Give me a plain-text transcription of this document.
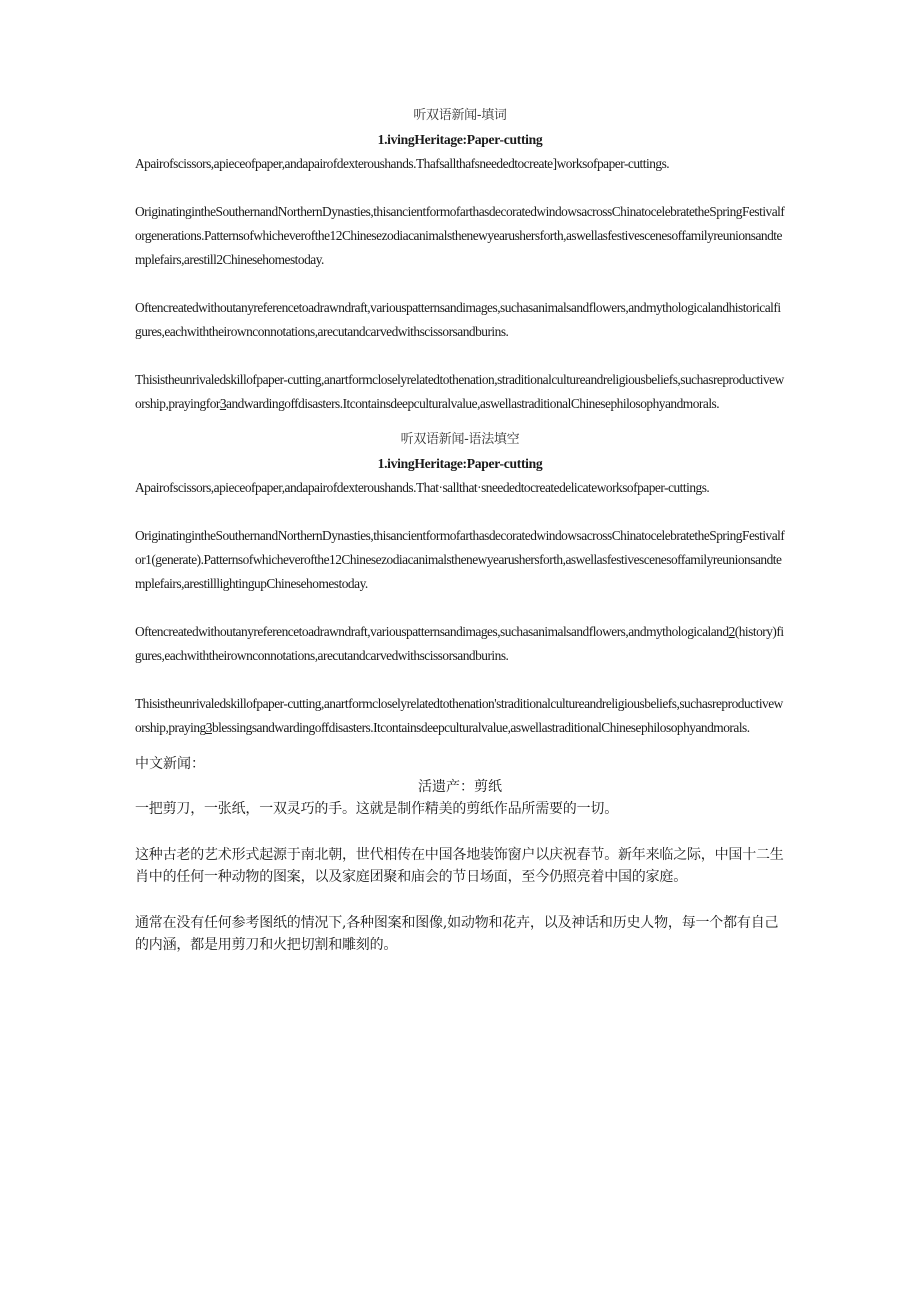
听双语新闻-填词

1.ivingHeritage:Paper-cutting

Apairofscissors,apieceofpaper,andapairofdexteroushands.Thafsallthafsneededtocreate]worksofpaper-cuttings.

OriginatingintheSouthernandNorthernDynasties,thisancientformofarthasdecoratedwindowsacrossChinatocelebratetheSpringFestivalforgenerations.Patternsofwhicheverofthe12Chinesezodiacanimalsthenewyearushersforth,aswellasfestivescenesoffamilyreunionsandtemplefairs,arestill2Chinesehomestoday.

Oftencreatedwithoutanyreferencetoadrawndraft,variouspatternsandimages,suchasanimalsandflowers,andmythologicalandhistoricalfigures,eachwiththeirownconnotations,arecutandcarvedwithscissorsandburins.

Thisistheunrivaledskillofpaper-cutting,anartformcloselyrelatedtothenation,straditionalcultureandreligiousbeliefs,suchasreproductiveworship,prayingfor3andwardingoffdisasters.Itcontainsdeepculturalvalue,aswellastraditionalChinesephilosophyandmorals.

听双语新闻-语法填空

1.ivingHeritage:Paper-cutting

Apairofscissors,apieceofpaper,andapairofdexteroushands.That·sallthat·sneededtocreatedelicateworksofpaper-cuttings.

OriginatingintheSouthernandNorthernDynasties,thisancientformofarthasdecoratedwindowsacrossChinatocelebratetheSpringFestivalfor1(generate).Patternsofwhicheverofthe12Chinesezodiacanimalsthenewyearushersforth,aswellasfestivescenesoffamilyreunionsandtemplefairs,arestilllightingupChinesehomestoday.

Oftencreatedwithoutanyreferencetoadrawndraft,variouspatternsandimages,suchasanimalsandflowers,andmythologicaland2(history)figures,eachwiththeirownconnotations,arecutandcarvedwithscissorsandburins.

Thisistheunrivaledskillofpaper-cutting,anartformcloselyrelatedtothenation'straditionalcultureandreligiousbeliefs,suchasreproductiveworship,praying3blessingsandwardingoffdisasters.Itcontainsdeepculturalvalue,aswellastraditionalChinesephilosophyandmorals.

中文新闻：

活遗产：剪纸

一把剪刀，一张纸，一双灵巧的手。这就是制作精美的剪纸作品所需要的一切。

这种古老的艺术形式起源于南北朝，世代相传在中国各地装饰窗户以庆祝春节。新年来临之际，中国十二生肖中的任何一种动物的图案，以及家庭团聚和庙会的节日场面，至今仍照亮着中国的家庭。

通常在没有任何参考图纸的情况下,各种图案和图像,如动物和花卉，以及神话和历史人物，每一个都有自己的内涵，都是用剪刀和火把切割和雕刻的。
